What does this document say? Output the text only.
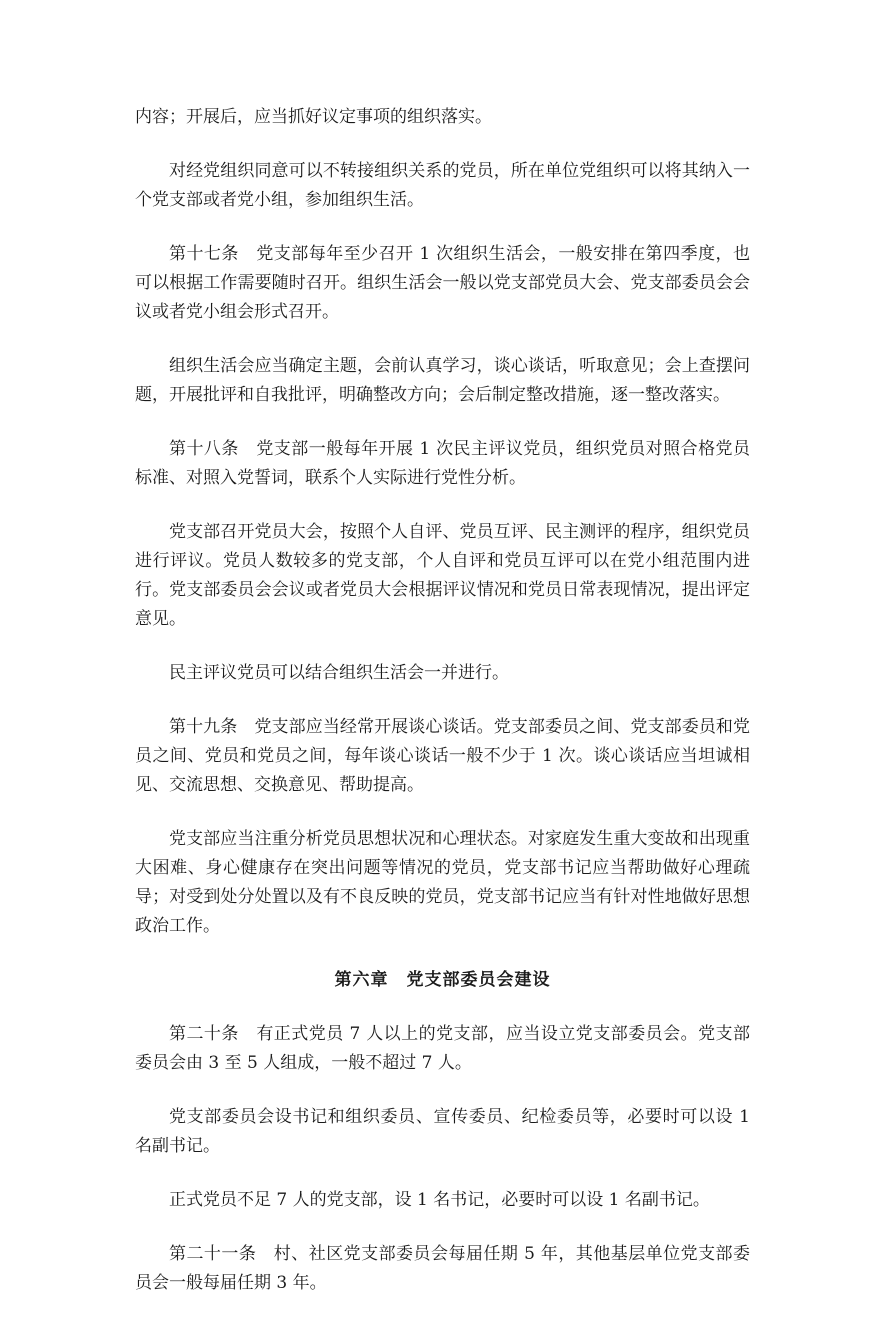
内容；开展后，应当抓好议定事项的组织落实。

对经党组织同意可以不转接组织关系的党员，所在单位党组织可以将其纳入一个党支部或者党小组，参加组织生活。

第十七条　党支部每年至少召开 1 次组织生活会，一般安排在第四季度，也可以根据工作需要随时召开。组织生活会一般以党支部党员大会、党支部委员会会议或者党小组会形式召开。

组织生活会应当确定主题，会前认真学习，谈心谈话，听取意见；会上查摆问题，开展批评和自我批评，明确整改方向；会后制定整改措施，逐一整改落实。

第十八条　党支部一般每年开展 1 次民主评议党员，组织党员对照合格党员标准、对照入党誓词，联系个人实际进行党性分析。

党支部召开党员大会，按照个人自评、党员互评、民主测评的程序，组织党员进行评议。党员人数较多的党支部，个人自评和党员互评可以在党小组范围内进行。党支部委员会会议或者党员大会根据评议情况和党员日常表现情况，提出评定意见。

民主评议党员可以结合组织生活会一并进行。

第十九条　党支部应当经常开展谈心谈话。党支部委员之间、党支部委员和党员之间、党员和党员之间，每年谈心谈话一般不少于 1 次。谈心谈话应当坦诚相见、交流思想、交换意见、帮助提高。

党支部应当注重分析党员思想状况和心理状态。对家庭发生重大变故和出现重大困难、身心健康存在突出问题等情况的党员，党支部书记应当帮助做好心理疏导；对受到处分处置以及有不良反映的党员，党支部书记应当有针对性地做好思想政治工作。

第六章　党支部委员会建设

第二十条　有正式党员 7 人以上的党支部，应当设立党支部委员会。党支部委员会由 3 至 5 人组成，一般不超过 7 人。

党支部委员会设书记和组织委员、宣传委员、纪检委员等，必要时可以设 1 名副书记。

正式党员不足 7 人的党支部，设 1 名书记，必要时可以设 1 名副书记。

第二十一条　村、社区党支部委员会每届任期 5 年，其他基层单位党支部委员会一般每届任期 3 年。
